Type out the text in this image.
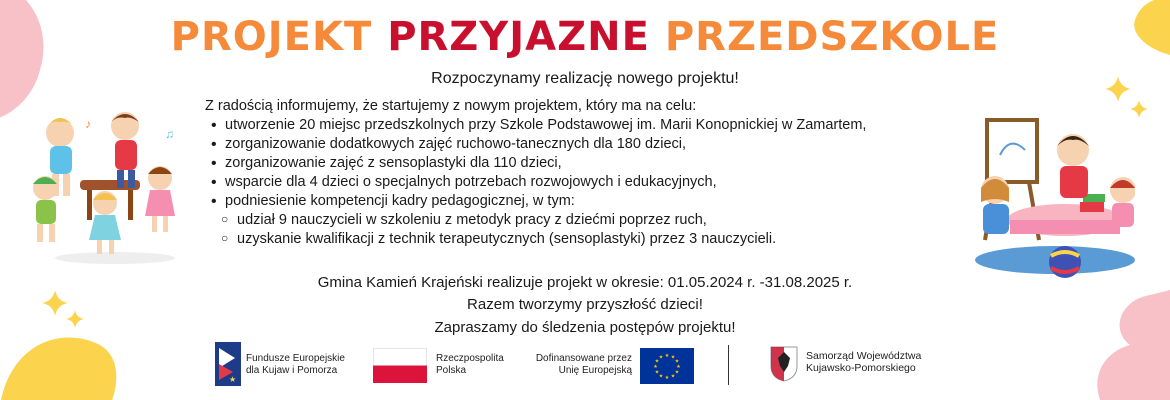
♪
♫
PROJEKT PRZYJAZNE PRZEDSZKOLE
Rozpoczynamy realizację nowego projektu!

Z radością informujemy, że startujemy z nowym projektem, który ma na celu:

• utworzenie 20 miejsc przedszkolnych przy Szkole Podstawowej im. Marii Konopnickiej w Zamartem,
• zorganizowanie dodatkowych zajęć ruchowo-tanecznych dla 180 dzieci,
• zorganizowanie zajęć z sensoplastyki dla 110 dzieci,
• wsparcie dla 4 dzieci o specjalnych potrzebach rozwojowych i edukacyjnych,
• podniesienie kompetencji kadry pedagogicznej, w tym:
○ udział 9 nauczycieli w szkoleniu z metodyk pracy z dziećmi poprzez ruch,
○ uzyskanie kwalifikacji z technik terapeutycznych (sensoplastyki) przez 3 nauczycieli.
Gmina Kamień Krajeński realizuje projekt w okresie: 01.05.2024 r. -31.08.2025 r.
Razem tworzymy przyszłość dzieci!
Zapraszamy do śledzenia postępów projektu!
★
Fundusze Europejskie
dla Kujaw i Pomorza
Rzeczpospolita
Polska
Dofinansowane przez
Unię Europejską
★ ★
★
★
★
★
★
★
★
★
★
★	Samorząd Województwa
Kujawsko-Pomorskiego
